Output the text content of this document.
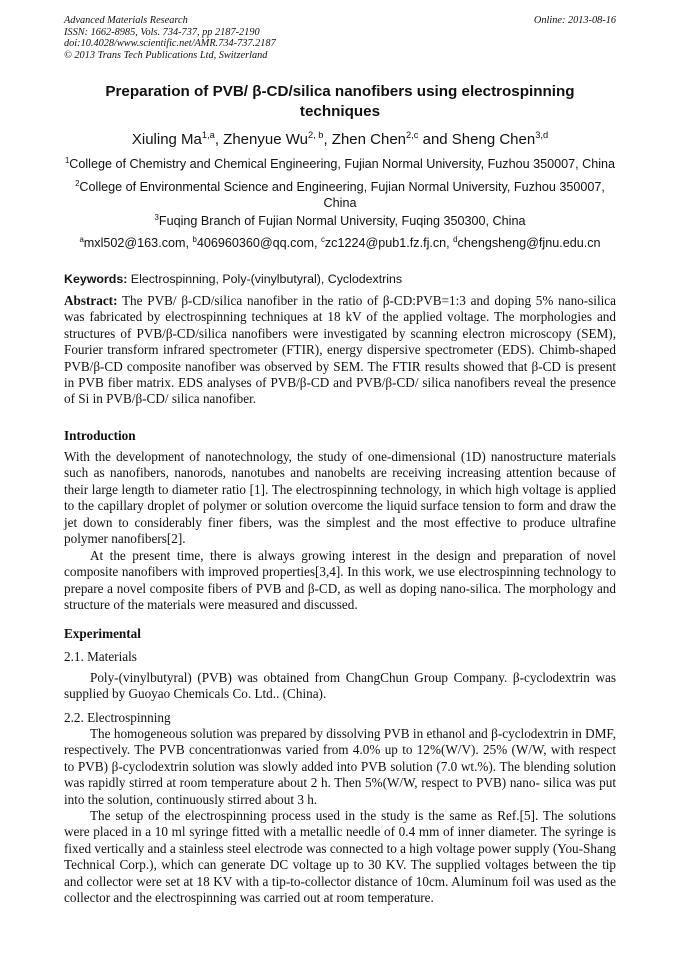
Advanced Materials Research
ISSN: 1662-8985, Vols. 734-737, pp 2187-2190
doi:10.4028/www.scientific.net/AMR.734-737.2187
© 2013 Trans Tech Publications Ltd, Switzerland
Online: 2013-08-16
Preparation of PVB/ β-CD/silica nanofibers using electrospinning
techniques
Xiuling Ma$^{1,a}$, Zhenyue Wu$^{2, b}$, Zhen Chen$^{2,c}$ and Sheng Chen$^{3,d}$
$^1$College of Chemistry and Chemical Engineering, Fujian Normal University, Fuzhou 350007, China
$^2$College of Environmental Science and Engineering, Fujian Normal University, Fuzhou 350007,
China
$^3$Fuqing Branch of Fujian Normal University, Fuqing 350300, China
$^a$mxl502@163.com, $^b$406960360@qq.com, $^c$zc1224@pub1.fz.fj.cn, $^d$chengsheng@fjnu.edu.cn
Keywords: Electrospinning, Poly-(vinylbutyral), Cyclodextrins
Abstract: The PVB/ β-CD/silica nanofiber in the ratio of β-CD:PVB=1:3 and doping 5% nano-silica was fabricated by electrospinning techniques at 18 kV of the applied voltage. The morphologies and structures of PVB/β-CD/silica nanofibers were investigated by scanning electron microscopy (SEM), Fourier transform infrared spectrometer (FTIR), energy dispersive spectrometer (EDS). Chimb-shaped PVB/β-CD composite nanofiber was observed by SEM. The FTIR results showed that β-CD is present in PVB fiber matrix. EDS analyses of PVB/β-CD and PVB/β-CD/ silica nanofibers reveal the presence of Si in PVB/β-CD/ silica nanofiber.
Introduction
With the development of nanotechnology, the study of one-dimensional (1D) nanostructure materials such as nanofibers, nanorods, nanotubes and nanobelts are receiving increasing attention because of their large length to diameter ratio [1]. The electrospinning technology, in which high voltage is applied to the capillary droplet of polymer or solution overcome the liquid surface tension to form and draw the jet down to considerably finer fibers, was the simplest and the most effective to produce ultrafine polymer nanofibers[2].
At the present time, there is always growing interest in the design and preparation of novel composite nanofibers with improved properties[3,4]. In this work, we use electrospinning technology to prepare a novel composite fibers of PVB and β-CD, as well as doping nano-silica. The morphology and structure of the materials were measured and discussed.
Experimental
2.1. Materials
Poly-(vinylbutyral) (PVB) was obtained from ChangChun Group Company. β-cyclodextrin was supplied by Guoyao Chemicals Co. Ltd.. (China).
2.2. Electrospinning
The homogeneous solution was prepared by dissolving PVB in ethanol and β-cyclodextrin in DMF, respectively. The PVB concentrationwas varied from 4.0% up to 12%(W/V). 25% (W/W, with respect to PVB) β-cyclodextrin solution was slowly added into PVB solution (7.0 wt.%). The blending solution was rapidly stirred at room temperature about 2 h. Then 5%(W/W, respect to PVB) nano- silica was put into the solution, continuously stirred about 3 h.
The setup of the electrospinning process used in the study is the same as Ref.[5]. The solutions were placed in a 10 ml syringe fitted with a metallic needle of 0.4 mm of inner diameter. The syringe is fixed vertically and a stainless steel electrode was connected to a high voltage power supply (You-Shang Technical Corp.), which can generate DC voltage up to 30 KV. The supplied voltages between the tip and collector were set at 18 KV with a tip-to-collector distance of 10cm. Aluminum foil was used as the collector and the electrospinning was carried out at room temperature.
